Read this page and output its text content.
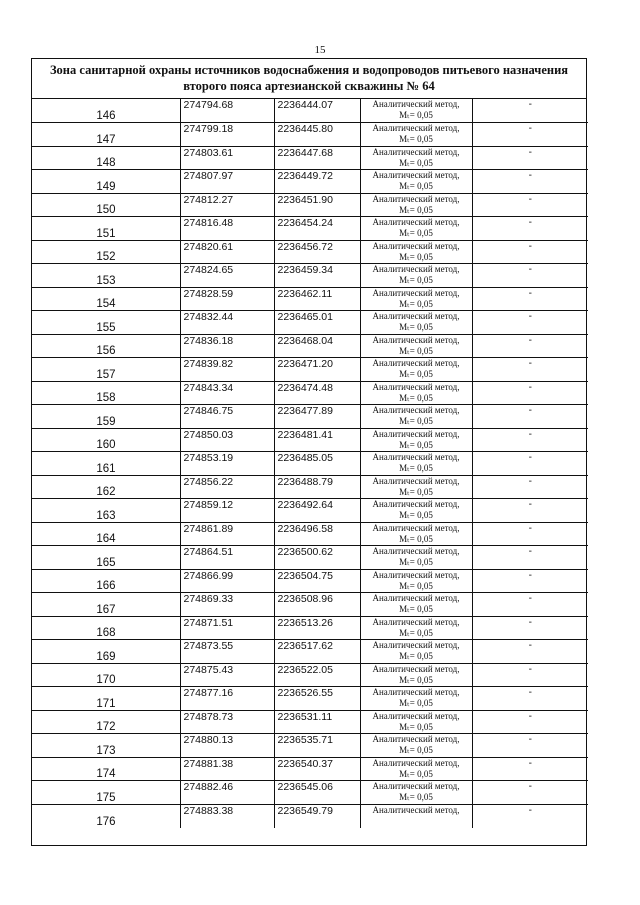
15
Зона санитарной охраны источников водоснабжения и водопроводов питьевого назначения
второго пояса артезианской скважины № 64
146	274794.68	2236444.07	Аналитический метод,
Mₜ= 0,05	-
147	274799.18	2236445.80	Аналитический метод,
Mₜ= 0,05	-
148	274803.61	2236447.68	Аналитический метод,
Mₜ= 0,05	-
149	274807.97	2236449.72	Аналитический метод,
Mₜ= 0,05	-
150	274812.27	2236451.90	Аналитический метод,
Mₜ= 0,05	-
151	274816.48	2236454.24	Аналитический метод,
Mₜ= 0,05	-
152	274820.61	2236456.72	Аналитический метод,
Mₜ= 0,05	-
153	274824.65	2236459.34	Аналитический метод,
Mₜ= 0,05	-
154	274828.59	2236462.11	Аналитический метод,
Mₜ= 0,05	-
155	274832.44	2236465.01	Аналитический метод,
Mₜ= 0,05	-
156	274836.18	2236468.04	Аналитический метод,
Mₜ= 0,05	-
157	274839.82	2236471.20	Аналитический метод,
Mₜ= 0,05	-
158	274843.34	2236474.48	Аналитический метод,
Mₜ= 0,05	-
159	274846.75	2236477.89	Аналитический метод,
Mₜ= 0,05	-
160	274850.03	2236481.41	Аналитический метод,
Mₜ= 0,05	-
161	274853.19	2236485.05	Аналитический метод,
Mₜ= 0,05	-
162	274856.22	2236488.79	Аналитический метод,
Mₜ= 0,05	-
163	274859.12	2236492.64	Аналитический метод,
Mₜ= 0,05	-
164	274861.89	2236496.58	Аналитический метод,
Mₜ= 0,05	-
165	274864.51	2236500.62	Аналитический метод,
Mₜ= 0,05	-
166	274866.99	2236504.75	Аналитический метод,
Mₜ= 0,05	-
167	274869.33	2236508.96	Аналитический метод,
Mₜ= 0,05	-
168	274871.51	2236513.26	Аналитический метод,
Mₜ= 0,05	-
169	274873.55	2236517.62	Аналитический метод,
Mₜ= 0,05	-
170	274875.43	2236522.05	Аналитический метод,
Mₜ= 0,05	-
171	274877.16	2236526.55	Аналитический метод,
Mₜ= 0,05	-
172	274878.73	2236531.11	Аналитический метод,
Mₜ= 0,05	-
173	274880.13	2236535.71	Аналитический метод,
Mₜ= 0,05	-
174	274881.38	2236540.37	Аналитический метод,
Mₜ= 0,05	-
175	274882.46	2236545.06	Аналитический метод,
Mₜ= 0,05	-
176	274883.38	2236549.79	Аналитический метод,	-
